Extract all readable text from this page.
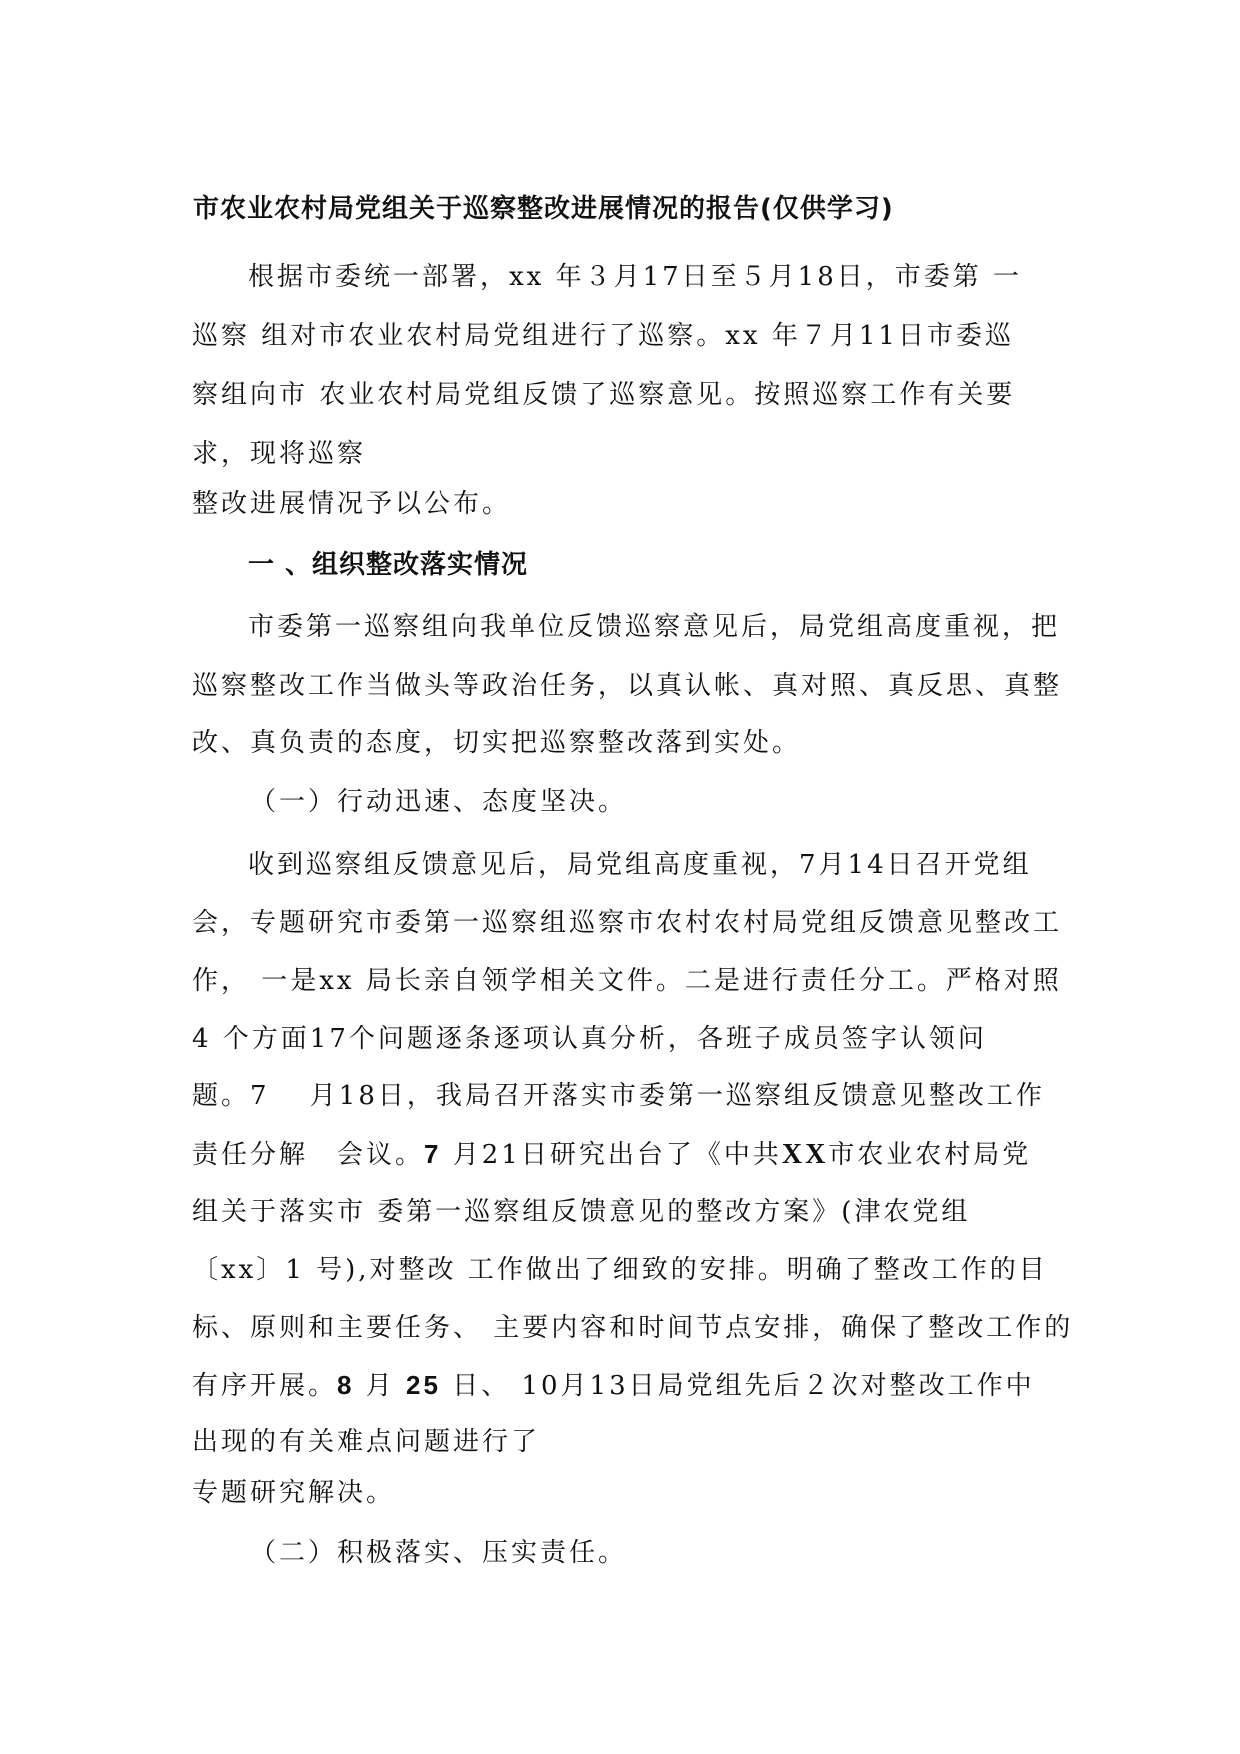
市农业农村局党组关于巡察整改进展情况的报告(仅供学习)
根据市委统一部署，xx 年３月17日至５月18日，市委第 一
巡察 组对市农业农村局党组进行了巡察。xx 年７月11日市委巡
察组向市 农业农村局党组反馈了巡察意见。按照巡察工作有关要
求，现将巡察
整改进展情况予以公布。
一 、组织整改落实情况
市委第一巡察组向我单位反馈巡察意见后，局党组高度重视，把
巡察整改工作当做头等政治任务，以真认帐、真对照、真反思、真整
改、真负责的态度，切实把巡察整改落到实处。
（一）行动迅速、态度坚决。
收到巡察组反馈意见后，局党组高度重视，7月14日召开党组
会，专题研究市委第一巡察组巡察市农村农村局党组反馈意见整改工
作， 一是xx 局长亲自领学相关文件。二是进行责任分工。严格对照
4 个方面17个问题逐条逐项认真分析，各班子成员签字认领问
题。7　 月18日，我局召开落实市委第一巡察组反馈意见整改工作
责任分解　会议。7 月21日研究出台了《中共XX市农业农村局党
组关于落实市 委第一巡察组反馈意见的整改方案》(津农党组
〔xx〕1 号),对整改 工作做出了细致的安排。明确了整改工作的目
标、原则和主要任务、 主要内容和时间节点安排，确保了整改工作的
有序开展。8 月 25 日、 10月13日局党组先后２次对整改工作中
出现的有关难点问题进行了
专题研究解决。
（二）积极落实、压实责任。
